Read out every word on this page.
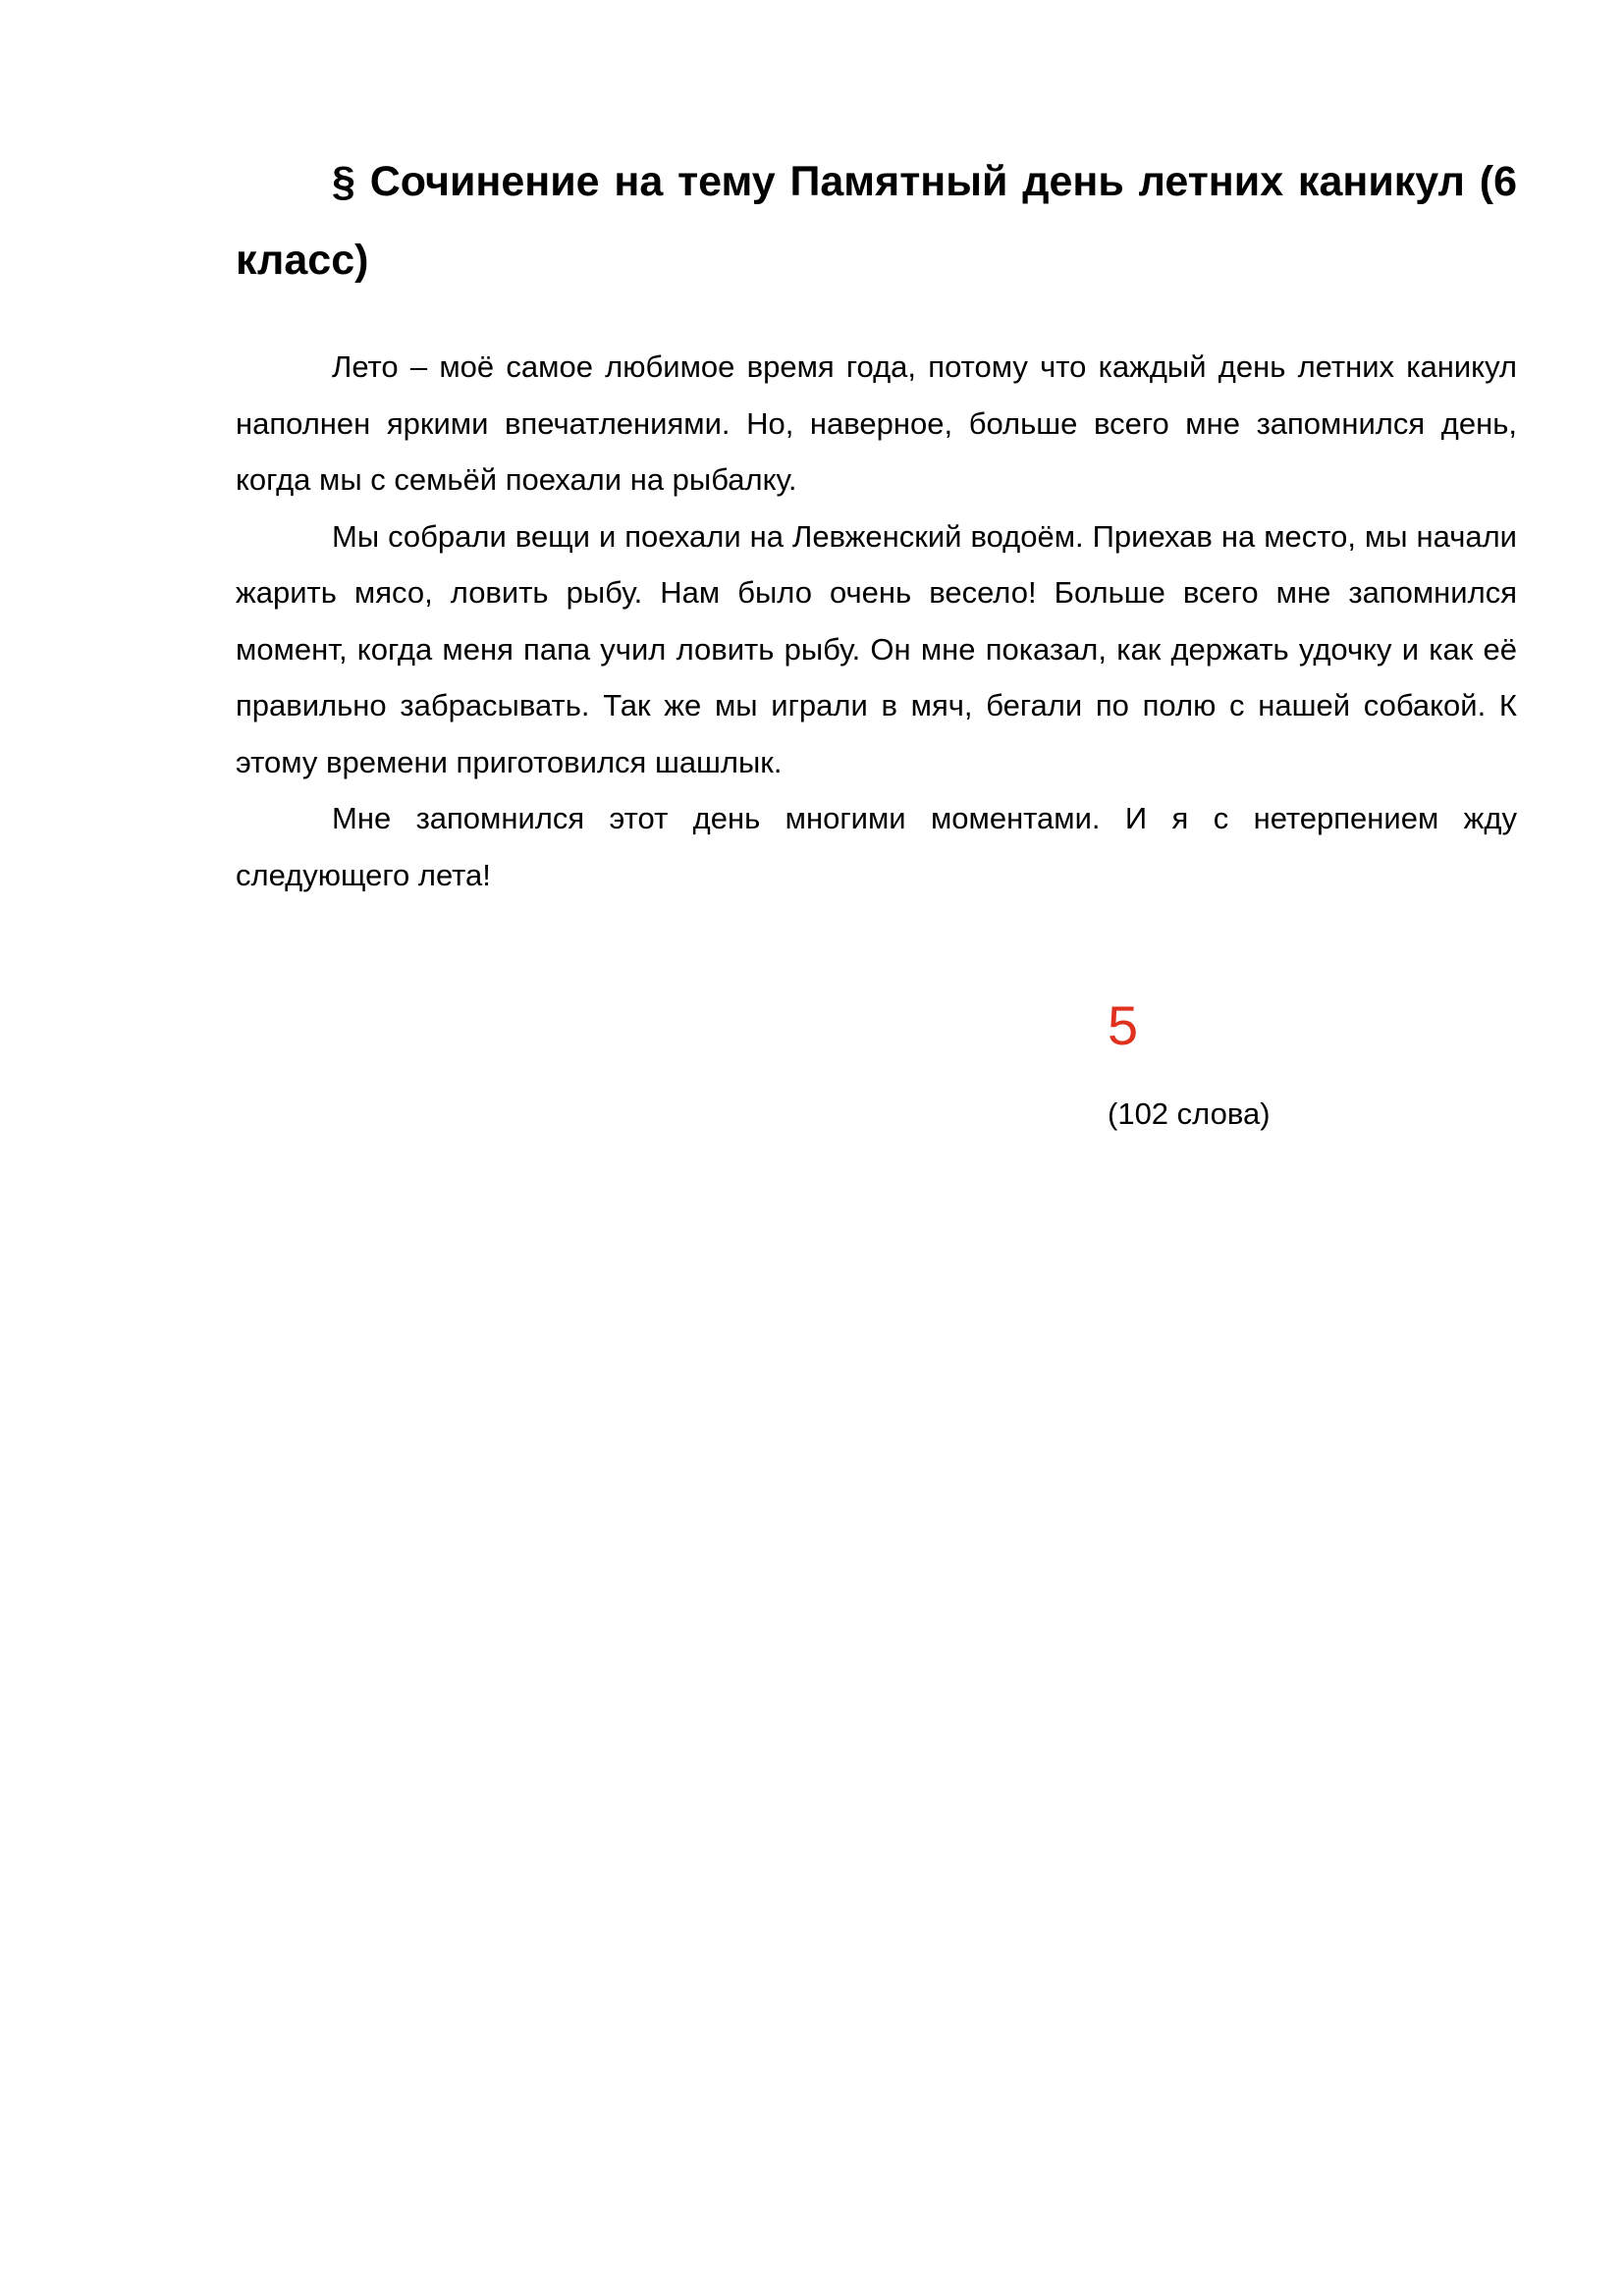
§ Сочинение на тему Памятный день летних каникул (6 класс)

Лето – моё самое любимое время года, потому что каждый день летних каникул наполнен яркими впечатлениями. Но, наверное, больше всего мне запомнился день, когда мы с семьёй поехали на рыбалку.

Мы собрали вещи и поехали на Левженский водоём. Приехав на место, мы начали жарить мясо, ловить рыбу. Нам было очень весело! Больше всего мне запомнился момент, когда меня папа учил ловить рыбу. Он мне показал, как держать удочку и как её правильно забрасывать. Так же мы играли в мяч, бегали по полю с нашей собакой. К этому времени приготовился шашлык.

Мне запомнился этот день многими моментами. И я с нетерпением жду следующего лета!

5
(102 слова)
